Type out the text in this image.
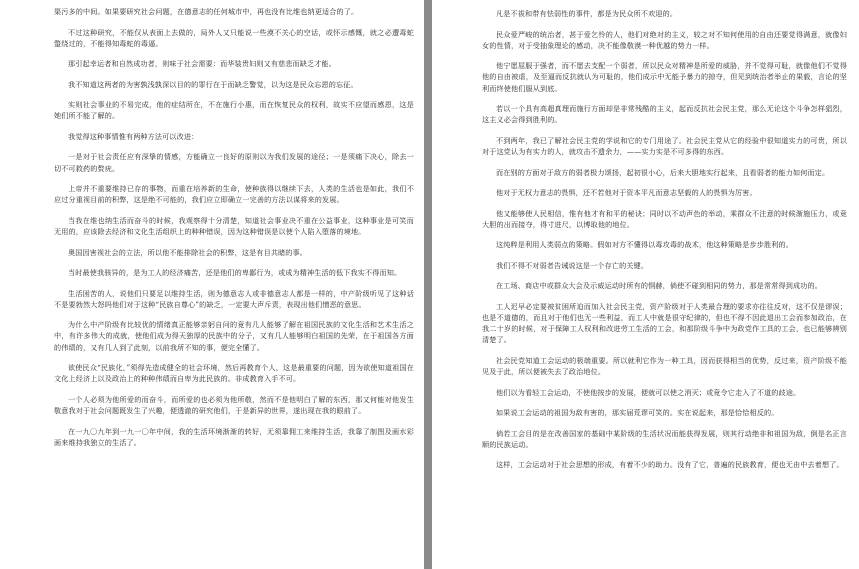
渠污多的中间。如果要研究社会问题，在德意志的任何城市中，再也没有比维也纳更适合的了。

不过这种研究，不能仅从表面上去做的，局外人又只能说一些漠不关心的空话，或怀示感慨，就之必遭毒蛇螫绕过的，不能得知毒蛇的毒逼。

那引起幸运者和自然成功者，则味于社会需要：而华装贵妇则又有慈悲而缺乏才能。

我不知道这两者的为害孰浅孰深以目的的罪行在于而缺乏警觉，以为这是民众忘恩的忘征。

实则社会事业的不易完成，他的症结所在，不在施行小惠，而在恢复民众的权利，故实不应望而感恩，这是她们所不能了解的。

我觉得这种事情惟有两种方法可以改进：

一是对于社会责任应有深挚的情感，方能确立一良好的原则以为我们发展的途径；一是须痛下决心，除去一切不可救药的赘疣。

上帝并不重要维持已存的事物，而重在培养新的生命，使种族得以继续下去，人类的生活也是如此，我们不应过分重视目前的积弊，这是绝不可能的，我们应立即确立一完善的方法以谋将来的发展。

当我在维也纳生活而奋斗的时候，我观察得十分清楚，知道社会事业决不重在公益事业，这种事业是可笑而无用的，应该除去经济和文化生活组织上的种种错误，因为这种错误是以使个人陷入堕落的境地。

奥国因害视社会的立法，所以他不能排除社会的积弊，这是有目共睹的事。

当时最使我骇异的，是为工人的经济痛苦，还是他们的卑鄙行为，或成为精神生活的低下我实不得而知。

生活困苦的人，说他们只要足以维持生活，则为德意志人或非德意志人都是一样的，中产阶级听见了这种话不是要勃然大怒吗他们对于这种“民族自尊心”的缺乏，一定要大声斥责，表现出他们憎恶的意思。

为什么中产阶级有比较优的情绪真正能够亲躬自问的竟有几人能够了解在祖国民族的文化生活和艺术生活之中，有许多伟大的成就，使他们成为得天独厚的民族中的分子，又有几人能够明白祖国的先荣，在于祖国各方面的伟绩的，又有几人到了此刻，以前我所不知的事，便完全懂了。

欲使民众“民族化，”须得先造成健全的社会环境，然后再教育个人，这是最重要的问题，因为欲使知道祖国在文化上经济上以及政治上的种种伟绩而自卑为此民族的。非成教育入手不可。

一个人必须为他所爱的而奋斗，而所爱的也必须为他所敬，然而不是他明白了解的东西，那又何能对他发生敬意我对于社会问题既发生了兴趣，便透澈的研究他们，于是新异的世界，遂出现在我的眼前了。

在一九〇九年到一九一〇年中间，我的生活环境渐渐的转好，无须靠佣工来维持生活，我靠了制图及画水彩画来维持我独立的生活了。

凡是不祓和带有怯弱性的事件，都是为民众所不欢迎的。

民众爱严峻的统治者，甚于爱乞怜的人，他们对绝对的主义，较之对不知何使用的自由还要觉得满意，就像妇女的性情，对于受抽象理论的感动，决不能像敬漠一种优越的势力一样。

他宁愿屈服于强者，而不愿去支配一个弱者，所以民众对精神是所爱的威胁，并不觉得可耻，就像他们不觉得他的自由被虐，及至逼而反抗就认为可耻的，他们成示中无能予暴力的掠夺，但见到统治者举止的果毅，言论的坚利而终使他们服从到底。

若以一个具有高超真理而施行方面却是非常残酷的主义，起而反抗社会民主党，那么无论这个斗争怎样猖烈，这主义必会得到胜利的。

不到两年，我已了解社会民主党的学说和它的专门用途了。社会民主党从它的经验中很知道实力的可贵，所以对于这党认为有实力的人，就攻击不遗余力，——实力实是不可多得的东西。

而在别的方面对于敌方的弱者极力颂扬，起初很小心，后来大胆地实行起来，且看弱者的能力如何而定。

他对于无权力意志的畏惧，还不若他对于资本平凡而意志坚毅的人的畏惧为厉害。

他又能够使人民相信，惟有他才有和平的秘诀；同时以不动声色的举动，乘群众不注意的时候渐施压力，或竟大胆的出而接夺，得寸进尺，以博取他的地位。

这纯粹是利用人类弱点的策略。假如对方不懂得以毒攻毒的战术，他这种策略是步步胜利的。

我们不得不对弱者告诫说这是一个存亡的关键。

在工场、商店中或群众大会及示威运动时所有的恫赫，倘使不碰到相同的势力，那是常常得到成功的。

工人迟早必定要被贫困所迫而加入社会民主党，资产阶级对于人类最合理的要求亦往往反对，这不仅是谬误；也是不道德的，而且对于他们也无一些利益，而工人中就是很守纪律的，但也不得不因此退出工会而参加政治，在我二十岁的时候，对于保障工人权利和改进劳工生活的工会，和那阶级斗争中为政党作工具的工会，也已能够辨别清楚了。

社会民党知道工会运动的极端重要。所以就利它作为一种工具，因而获得相当的优势，反过来，资产阶级不能见及于此，所以便被失去了政治地位。

他们以为看轻工会运动，不使他按步的发展，便就可以使之消灭；或竟令它走入了不道的歧途。

如果说工会运动的祖国为敌有害的，那实届荒谬可笑的。实在说起来，那是恰恰相反的。

倘若工会目的是在改善国家的基础中某阶级的生活状况而能获得发展，则其行动绝非和祖国为敌，倒是名正言顺的民族运动。

这样，工会运动对于社会思想的形成，有着不少的助力。没有了它，普遍的民族教育，便也无由中去着想了。
